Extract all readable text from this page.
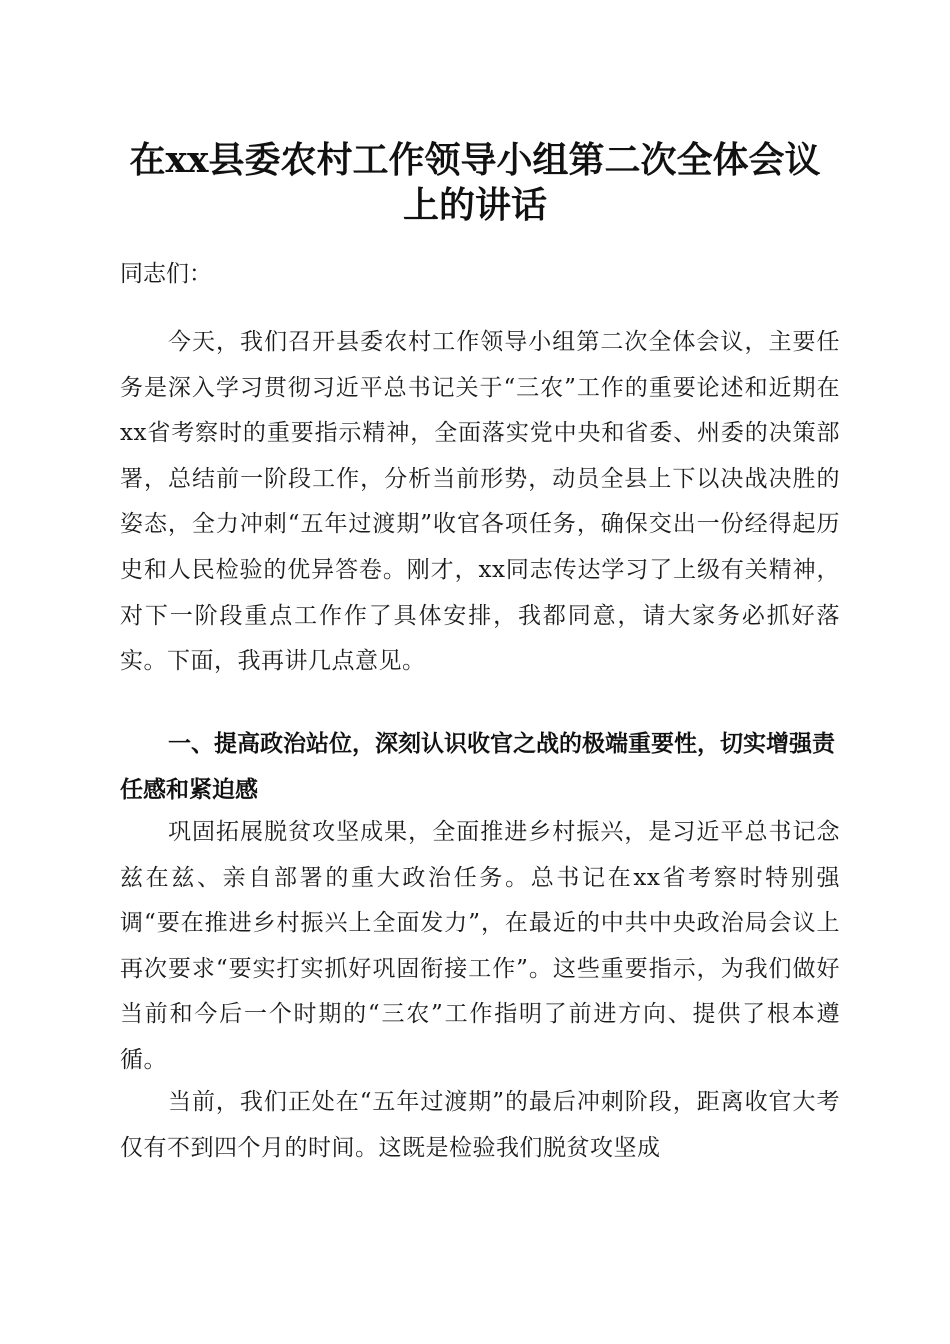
在xx县委农村工作领导小组第二次全体会议
上的讲话
同志们：

今天，我们召开县委农村工作领导小组第二次全体会议，主要任务是深入学习贯彻习近平总书记关于“三农”工作的重要论述和近期在xx省考察时的重要指示精神，全面落实党中央和省委、州委的决策部署，总结前一阶段工作，分析当前形势，动员全县上下以决战决胜的姿态，全力冲刺“五年过渡期”收官各项任务，确保交出一份经得起历史和人民检验的优异答卷。刚才，xx同志传达学习了上级有关精神，对下一阶段重点工作作了具体安排，我都同意，请大家务必抓好落实。下面，我再讲几点意见。

一、提高政治站位，深刻认识收官之战的极端重要性，切实增强责任感和紧迫感

巩固拓展脱贫攻坚成果，全面推进乡村振兴，是习近平总书记念兹在兹、亲自部署的重大政治任务。总书记在xx省考察时特别强调“要在推进乡村振兴上全面发力”，在最近的中共中央政治局会议上再次要求“要实打实抓好巩固衔接工作”。这些重要指示，为我们做好当前和今后一个时期的“三农”工作指明了前进方向、提供了根本遵循。

当前，我们正处在“五年过渡期”的最后冲刺阶段，距离收官大考仅有不到四个月的时间。这既是检验我们脱贫攻坚成
